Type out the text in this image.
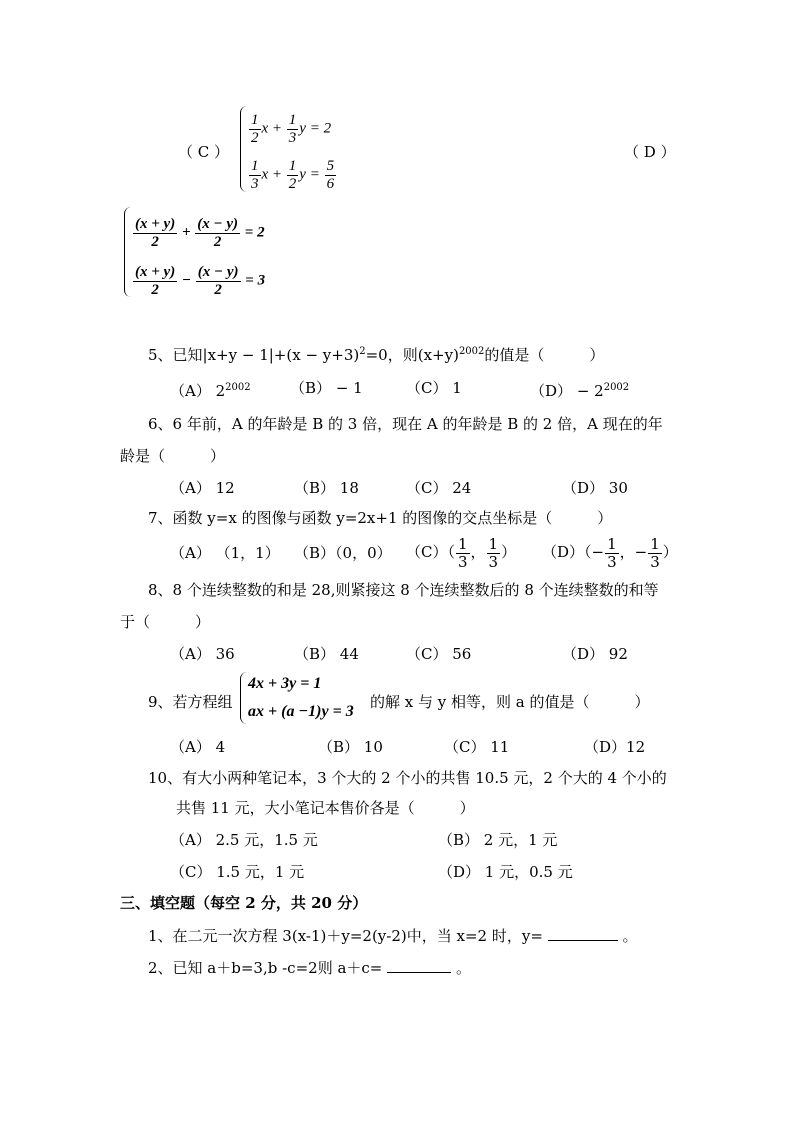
（ C ）
$\frac{1}{2}$ $x + \frac{1}{3}$ y = 2
$\frac{1}{3}$ $x + \frac{1}{2}$ $y = \frac{5}{6}$
（ D ）
$\frac{(x + y)}{2} + \frac{(x - y)}{2} = 2$
$\frac{(x + y)}{2} - \frac{(x - y)}{2} = 3$
5、已知$|x+y - 1|+(x - y+3)^2=0$，则$(x+y)^{2002}$的值是（　　　）
（A） $2^{2002}$	（B） − 1	（C） 1	$(D) - 2^{2002}$
6、6 年前，A 的年龄是 B 的 3 倍，现在 A 的年龄是 B 的 2 倍，A 现在的年
龄是（　　　）
（A） 12	（B） 18	（C） 24	（D） 30
7、函数 y=x 的图像与函数 y=2x+1 的图像的交点坐标是（　　　）
（A） （1，1） （B）（0，0） $(C)( \frac{1}{3}$ ， $\frac{1}{3}$ ） $(D)(- \frac{1}{3}$ ，− $\frac{1}{3}$ ）
8、8 个连续整数的和是 28,则紧接这 8 个连续整数后的 8 个连续整数的和等
于（　　　）
（A） 36	（B） 44	（C） 56	（D） 92
9、若方程组
4x + 3y = 1
ax + (a −1)y = 3
的解 x 与 y 相等，则 a 的值是（　　　）
（A） 4	（B） 10	（C） 11	（D）12
10、有大小两种笔记本，3 个大的 2 个小的共售 10.5 元，2 个大的 4 个小的
共售 11 元，大小笔记本售价各是（　　　）
（A） 2.5 元，1.5 元	（B） 2 元，1 元
（C） 1.5 元，1 元	（D） 1 元，0.5 元
三、填空题（每空 2 分，共 20 分）
1、在二元一次方程 3(x-1)＋y=2(y-2)中，当 x=2 时，y=	。
2、已知 a＋b=3,b -c=2则 a＋c=	。
